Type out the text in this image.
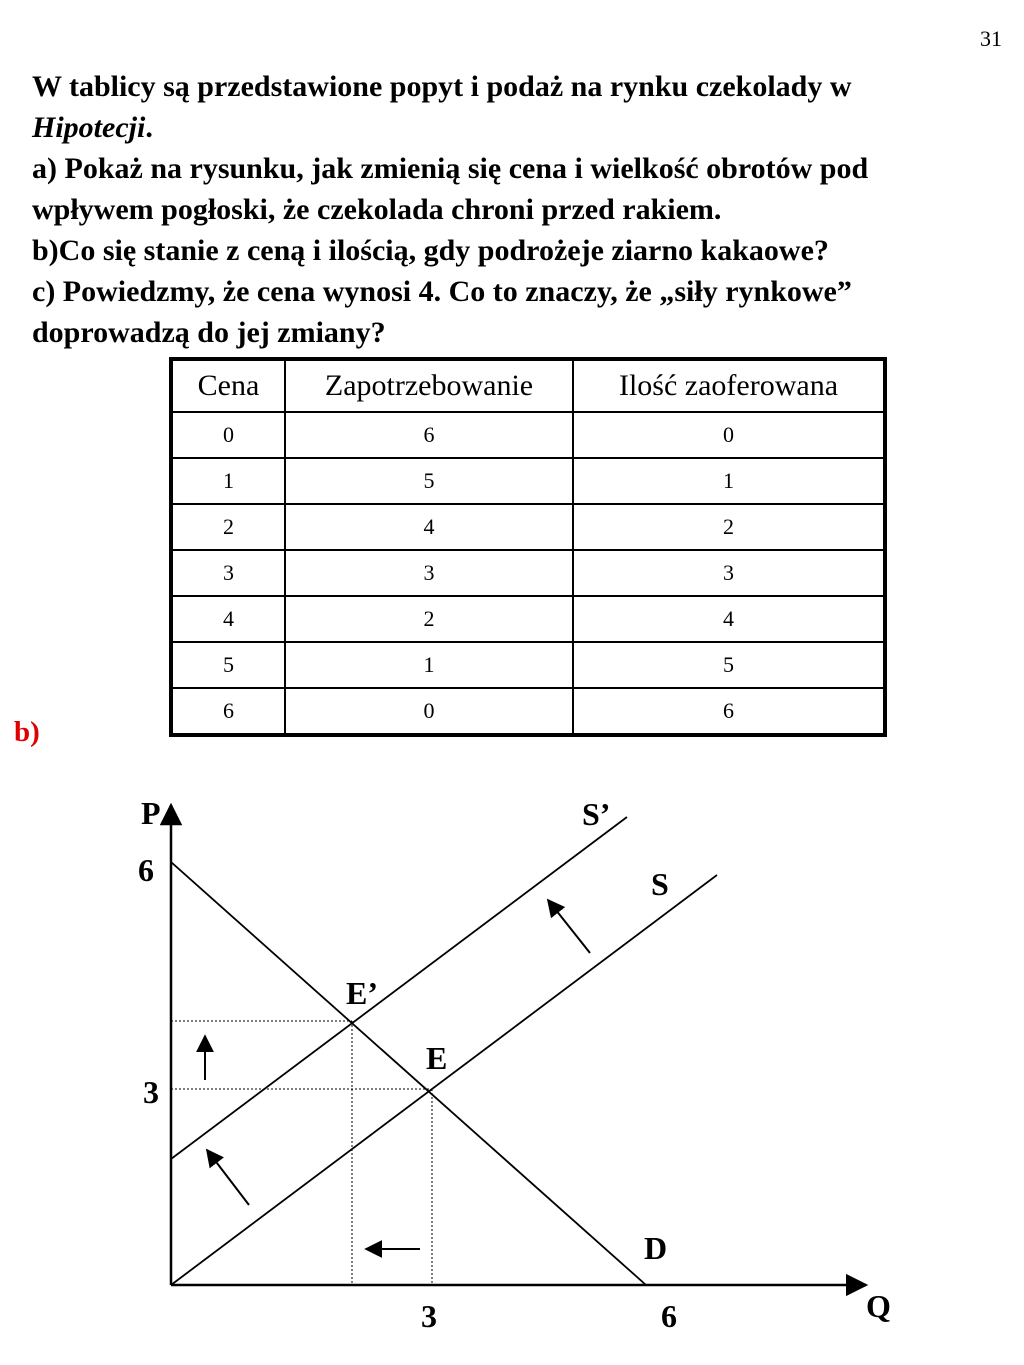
31

W tablicy są przedstawione popyt i podaż na rynku czekolady w
Hipotecji.

a) Pokaż na rysunku, jak zmienią się cena i wielkość obrotów pod wpływem pogłoski, że czekolada chroni przed rakiem.

b)Co się stanie z ceną i ilością, gdy podrożeje ziarno kakaowe?

c) Powiedzmy, że cena wynosi 4. Co to znaczy, że „siły rynkowe” doprowadzą do jej zmiany?

Cena	Zapotrzebowanie	Ilość zaoferowana
0	6	0
1	5	1
2	4	2
3	3	3
4	2	4
5	1	5
6	0	6
b)
P
Q
6
3
3	6
S’
S
E’
E
D
